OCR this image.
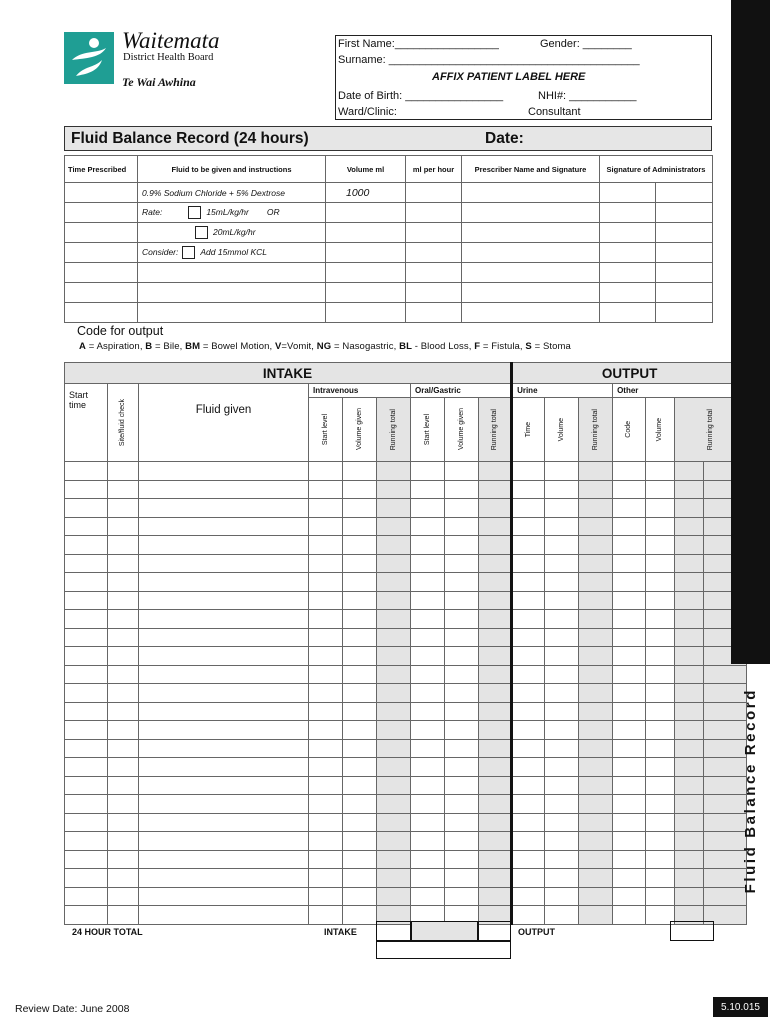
Waitemata
District Health Board
Te Wai Awhina
First Name:_________________	Gender: ________
Surname: _________________________________________
AFFIX PATIENT LABEL HERE
Date of Birth: ________________	NHI#: ___________
Ward/Clinic:	Consultant
Fluid Balance Record (24 hours)	Date:
Time Prescribed	Fluid to be given and instructions	Volume ml	ml per hour	Prescriber Name and Signature	Signature of Administrators	
	0.9% Sodium Chloride + 5% Dextrose	1000				
	Rate: 15mL/kg/hr OR					
	20mL/kg/hr					
	Consider: Add 15mmol KCL					

Code for output
A = Aspiration, B = Bile, BM = Bowel Motion, V=Vomit, NG = Nasogastric, BL - Blood Loss, F = Fistula, S = Stoma
INTAKE									OUTPUT						
Start time	Site/fluid check	Fluid given	Intravenous			Oral/Gastric			Urine			Other			

			Start level	Volume given	Running total	Start level	Volume given	Running total	Time	Volume	Running total	Code	Volume	Running total	

24 HOUR TOTAL	INTAKE	OUTPUT
Fluid Balance Record
Review Date: June 2008	5.10.015
